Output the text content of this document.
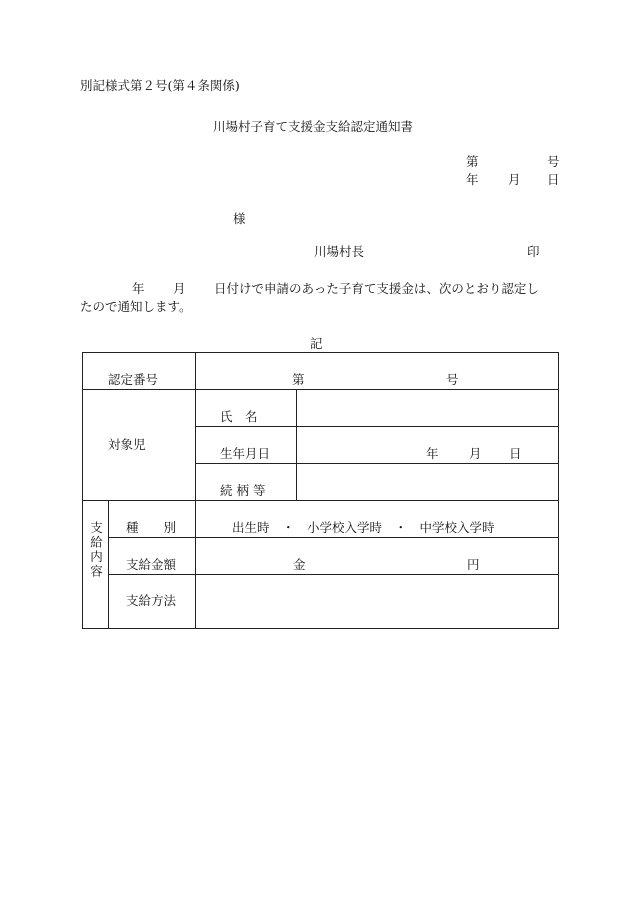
別記様式第２号(第４条関係)
川場村子育て支援金支給認定通知書
第	号
年 月 日
様
川場村長	印
年 月 日付けで申請のあった子育て支援金は、次のとおり認定し
たので通知します。
記
認定番号		第 号	

対象児		氏　名	

		生年月日	年 月 日

		続 柄 等	

支給内容	種　　別	出生時　・　小学校入学時　・　中学校入学時	

	支給金額	金 円	

	支給方法		
